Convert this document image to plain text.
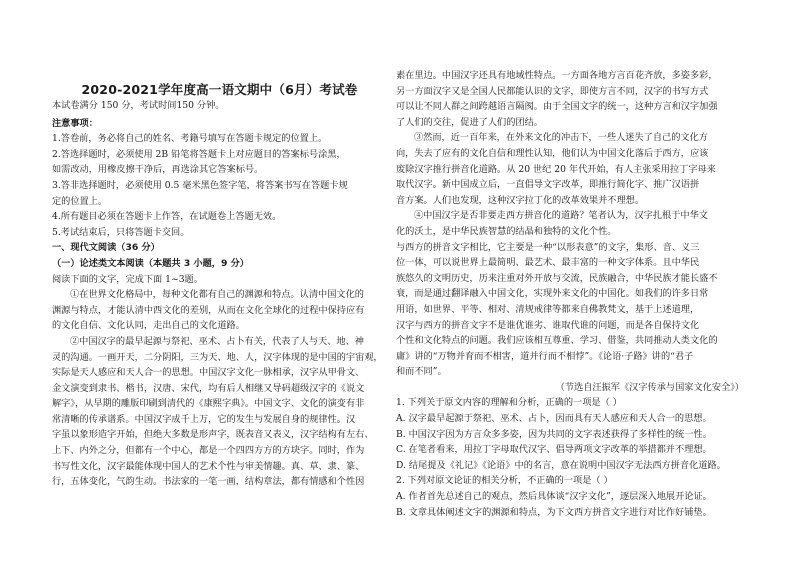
2020-2021学年度高一语文期中（6月）考试卷
本试卷满分 150 分，考试时间150 分钟。
注意事项：
1.答卷前，务必将自己的姓名、考籍号填写在答题卡规定的位置上。
2.答选择题时，必须使用 2B 铅笔将答题卡上对应题目的答案标号涂黑，
如需改动，用橡皮擦干净后，再选涂其它答案标号。
3.答非选择题时，必须使用 0.5 毫米黑色签字笔，将答案书写在答题卡规
定的位置上。
4.所有题目必须在答题卡上作答，在试题卷上答题无效。
5.考试结束后，只将答题卡交回。
一、现代文阅读（36 分）
（一）论述类文本阅读（本题共 3 小题，9 分）
阅读下面的文字，完成下面 1~3题。
①在世界文化格局中，每种文化都有自己的渊源和特点。认清中国文化的
渊源与特点，才能认清中西文化的差别，从而在文化全球化的过程中保持应有
的文化自信、文化认同，走出自己的文化道路。
②中国汉字的最早起源与祭祀、巫术、占卜有关，代表了人与天、地、神
灵的沟通。一画开天，二分阴阳，三为天、地、人，汉字体现的是中国的宇宙观，
实际是天人感应和天人合一的思想。中国汉字文化一脉相承，汉字从甲骨文、
金文演变到隶书、楷书，汉唐、宋代，均有后人相继又导码超级汉字的《说文
解字》，从早期的雕版印刷到清代的《康熙字典》。中国文字、文化的演变有非
常清晰的传承谱系。中国汉字成千上万，它的发生与发展自身的规律性。汉
字虽以象形造字开始，但绝大多数是形声字，既表音又表义，汉字结构有左右、
上下、内外之分，但都有一个中心，都是一个四四方方的方块字。同时，作为
书写性文化，汉字最能体现中国人的艺术个性与审美情趣。真、草、隶、篆、
行，五体变化，气韵生动。书法家的一笔一画，结构章法，都有情感和个性因
素在里边。中国汉字还具有地域性特点。一方面各地方言百花齐放，多姿多彩，
另一方面汉字又是全国人民都能认识的文字，即使方言不同，汉字的书写方式
可以让不同人群之间跨越语言隔阂。由于全国文字的统一，这种方言和汉字加强
了人们的交往，促进了人们的团结。
③然而，近一百年来，在外来文化的冲击下，一些人迷失了自己的文化方
向，失去了应有的文化自信和理性认知，他们认为中国文化落后于西方，应该
废除汉字推行拼音化道路。从 20 世纪 20 年代开始，有人主张采用拉丁字母来
取代汉字。新中国成立后，一直倡导文字改革，即推行简化字、推广汉语拼
音方案。人们也发现，这种汉字拉丁化的改革效果并不理想。
④中国汉字是否非要走西方拼音化的道路？笔者认为，汉字扎根于中华文
化的沃土，是中华民族智慧的结晶和独特的文化个性。
与西方的拼音文字相比，它主要是一种“以形表意”的文字，集形、音、义三
位一体，可以说世界上最简明、最艺术、最丰富的一种文字体系。且中华民
族悠久的文明历史，历来注重对外开放与交流，民族融合，中华民族才能长盛不
衰，而是通过翻译融入中国文化，实现外来文化的中国化。如我们的许多日常
用语，如世界、平等、相对、清规戒律等都来自佛教梵文，基于上述道理，
汉字与西方的拼音文字不是谁优谁劣、谁取代谁的问题，而是各自保持文化
个性和文化特点的问题。我们应该相互尊重、学习、借鉴，共同推动人类文化的
庸》讲的“万物并育而不相害，道并行而不相悖”。《论语·子路》讲的“君子
和而不同”。
（节选自汪振军《汉字传承与国家文化安全》）
1. 下列关于原文内容的理解和分析，正确的一项是（ ）
A. 汉字最早起源于祭祀、巫术、占卜，因而具有天人感应和天人合一的思想。
B. 中国汉字因为方言众多多姿，因为共同的文字表述获得了多样性的统一性。
C. 在笔者看来，用拉丁字母取代汉字、倡导两项文字改革的举措都并不理想。
D. 结尾提及《礼记》《论语》中的名言，意在说明中国汉字无法西方拼音化道路。
2. 下列对原文论证的相关分析，不正确的一项是（ ）
A. 作者首先总述自己的观点，然后具体谈“汉字文化”，逐层深入地展开论证。
B. 文章具体阐述文字的渊源和特点，为下文西方拼音文字进行对比作好铺垫。
